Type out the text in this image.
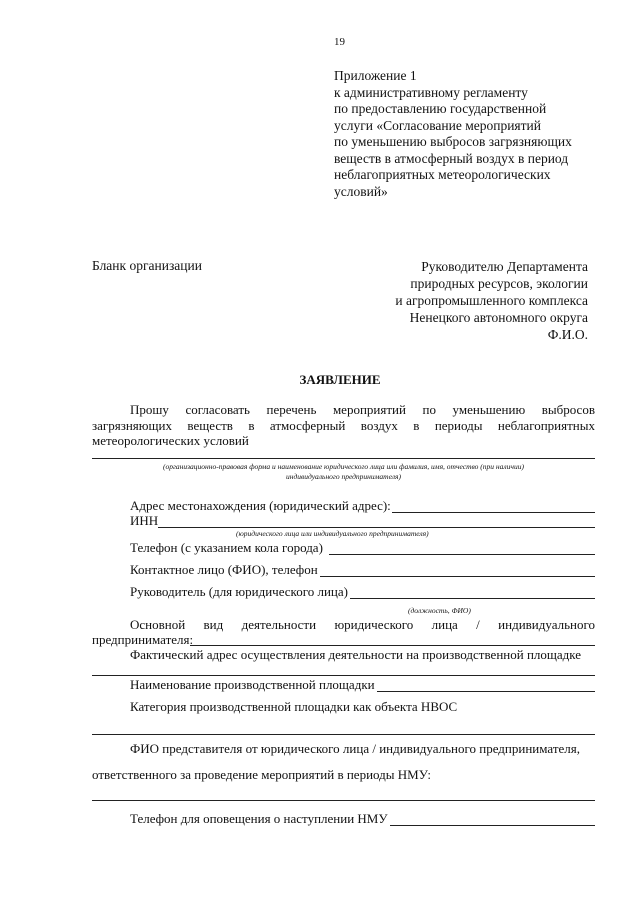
19
Приложение 1
к административному регламенту
по предоставлению государственной
услуги «Согласование мероприятий
по уменьшению выбросов загрязняющих
веществ в атмосферный воздух в период
неблагоприятных метеорологических
условий»
Бланк организации	Руководителю Департамента
природных ресурсов, экологии
и агропромышленного комплекса
Ненецкого автономного округа
Ф.И.О.
ЗАЯВЛЕНИЕ
Прошу согласовать перечень мероприятий по уменьшению выбросов
загрязняющих веществ в атмосферный воздух в периоды неблагоприятных
метеорологических условий
(организационно-правовая форма и наименование юридического лица или фамилия, имя, отчество (при наличии)
индивидуального предпринимателя)
Адрес местонахождения (юридический адрес):
ИНН
(юридического лица или индивидуального предпринимателя)
Телефон (с указанием кола города)
Контактное лицо (ФИО), телефон
Руководитель (для юридического лица)
(должность, ФИО)
Основной вид деятельности юридического лица / индивидуального
предпринимателя:
Фактический адрес осуществления деятельности на производственной площадке
Наименование производственной площадки
Категория производственной площадки как объекта НВОС
ФИО представителя от юридического лица / индивидуального предпринимателя,
ответственного за проведение мероприятий в периоды НМУ:
Телефон для оповещения о наступлении НМУ
